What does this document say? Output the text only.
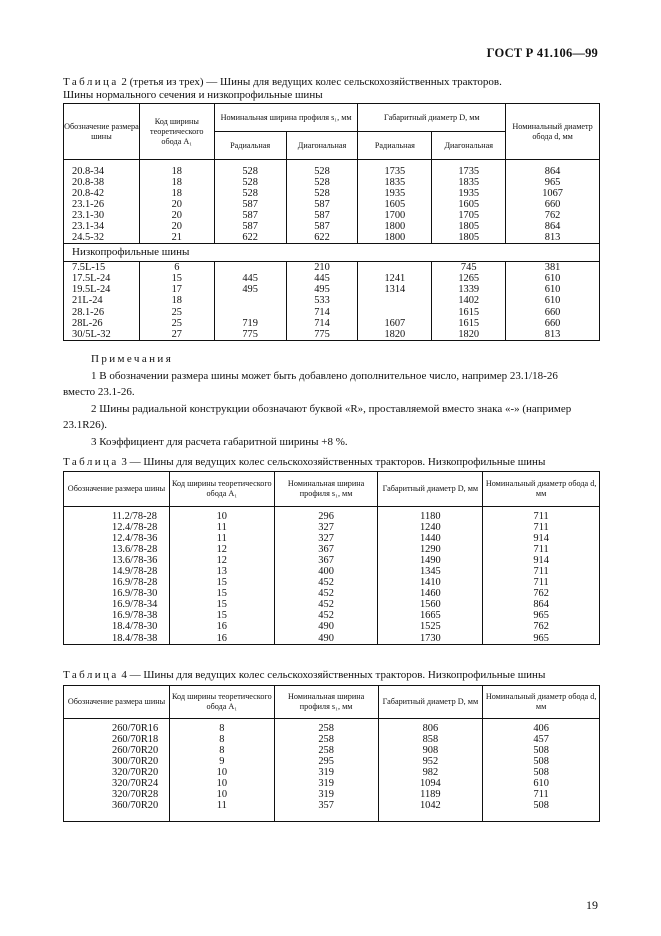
ГОСТ Р 41.106—99
Таблица 2 (третья из трех) — Шины для ведущих колес сельскохозяйственных тракторов.
Шины нормального сечения и низкопрофильные шины
Обозначение размера шины	Код ширины теоретического обода A₁	Номинальная ширина профиля s₁, мм		Габаритный диаметр D, мм		Номинальный диаметр обода d, мм
		Радиальная	Диагональная	Радиальная	Диагональная	

20.8-34	18	528	528	1735	1735	864
20.8-38	18	528	528	1835	1835	965
20.8-42	18	528	528	1935	1935	1067
23.1-26	20	587	587	1605	1605	660
23.1-30	20	587	587	1700	1705	762
23.1-34	20	587	587	1800	1805	864
24.5-32	21	622	622	1800	1805	813
Низкопрофильные шины						
7.5L-15	6		210		745	381
17.5L-24	15	445	445	1241	1265	610
19.5L-24	17	495	495	1314	1339	610
21L-24	18		533		1402	610
28.1-26	25		714		1615	660
28L-26	25	719	714	1607	1615	660
30/5L-32	27	775	775	1820	1820	813
Примечания
1 В обозначении размера шины может быть добавлено дополнительное число, например 23.1/18-26
вместо 23.1-26.
2 Шины радиальной конструкции обозначают буквой «R», проставляемой вместо знака «-» (например
23.1R26).
3 Коэффициент для расчета габаритной ширины +8 %.
Таблица 3 — Шины для ведущих колес сельскохозяйственных тракторов. Низкопрофильные шины
Обозначение размера шины	Код ширины теоретического обода A₁	Номинальная ширина профиля s₁, мм	Габаритный диаметр D, мм	Номинальный диаметр обода d, мм

11.2/78-28	10	296	1180	711
12.4/78-28	11	327	1240	711
12.4/78-36	11	327	1440	914
13.6/78-28	12	367	1290	711
13.6/78-36	12	367	1490	914
14.9/78-28	13	400	1345	711
16.9/78-28	15	452	1410	711
16.9/78-30	15	452	1460	762
16.9/78-34	15	452	1560	864
16.9/78-38	15	452	1665	965
18.4/78-30	16	490	1525	762
18.4/78-38	16	490	1730	965
Таблица 4 — Шины для ведущих колес сельскохозяйственных тракторов. Низкопрофильные шины
Обозначение размера шины	Код ширины теоретического обода A₁	Номинальная ширина профиля s₁, мм	Габаритный диаметр D, мм	Номинальный диаметр обода d, мм

260/70R16	8	258	806	406
260/70R18	8	258	858	457
260/70R20	8	258	908	508
300/70R20	9	295	952	508
320/70R20	10	319	982	508
320/70R24	10	319	1094	610
320/70R28	10	319	1189	711
360/70R20	11	357	1042	508

19
